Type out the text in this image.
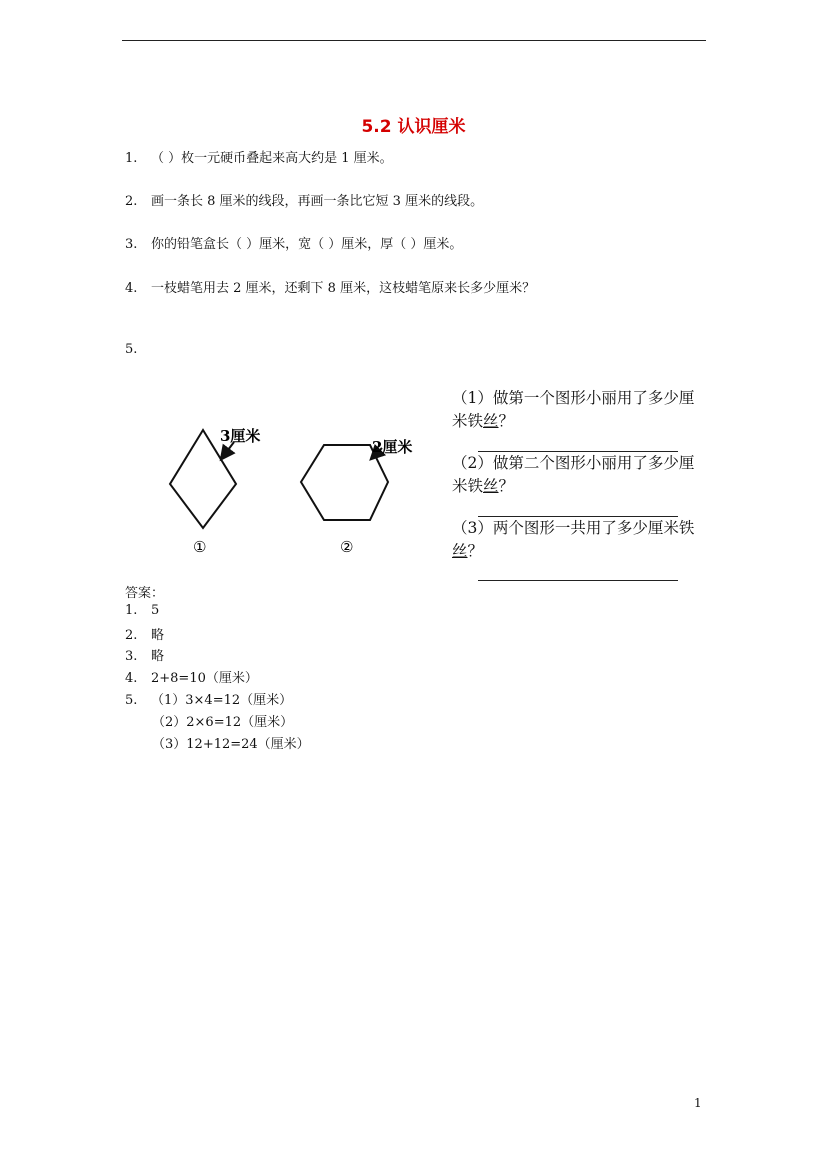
5.2 认识厘米
1. （ ）枚一元硬币叠起来高大约是 1 厘米。
2. 画一条长 8 厘米的线段，再画一条比它短 3 厘米的线段。
3. 你的铅笔盒长（ ）厘米，宽（ ）厘米，厚（ ）厘米。
4. 一枝蜡笔用去 2 厘米，还剩下 8 厘米，这枝蜡笔原来长多少厘米？
5.
3厘米
①
2厘米
②
（1）做第一个图形小丽用了多少厘
米铁丝？
（2）做第二个图形小丽用了多少厘
米铁丝？
（3）两个图形一共用了多少厘米铁
丝？
答案：
1. 5
2. 略
3. 略
4. 2+8=10（厘米）
5. （1）3×4=12（厘米）
（2）2×6=12（厘米）
（3）12+12=24（厘米）
1
